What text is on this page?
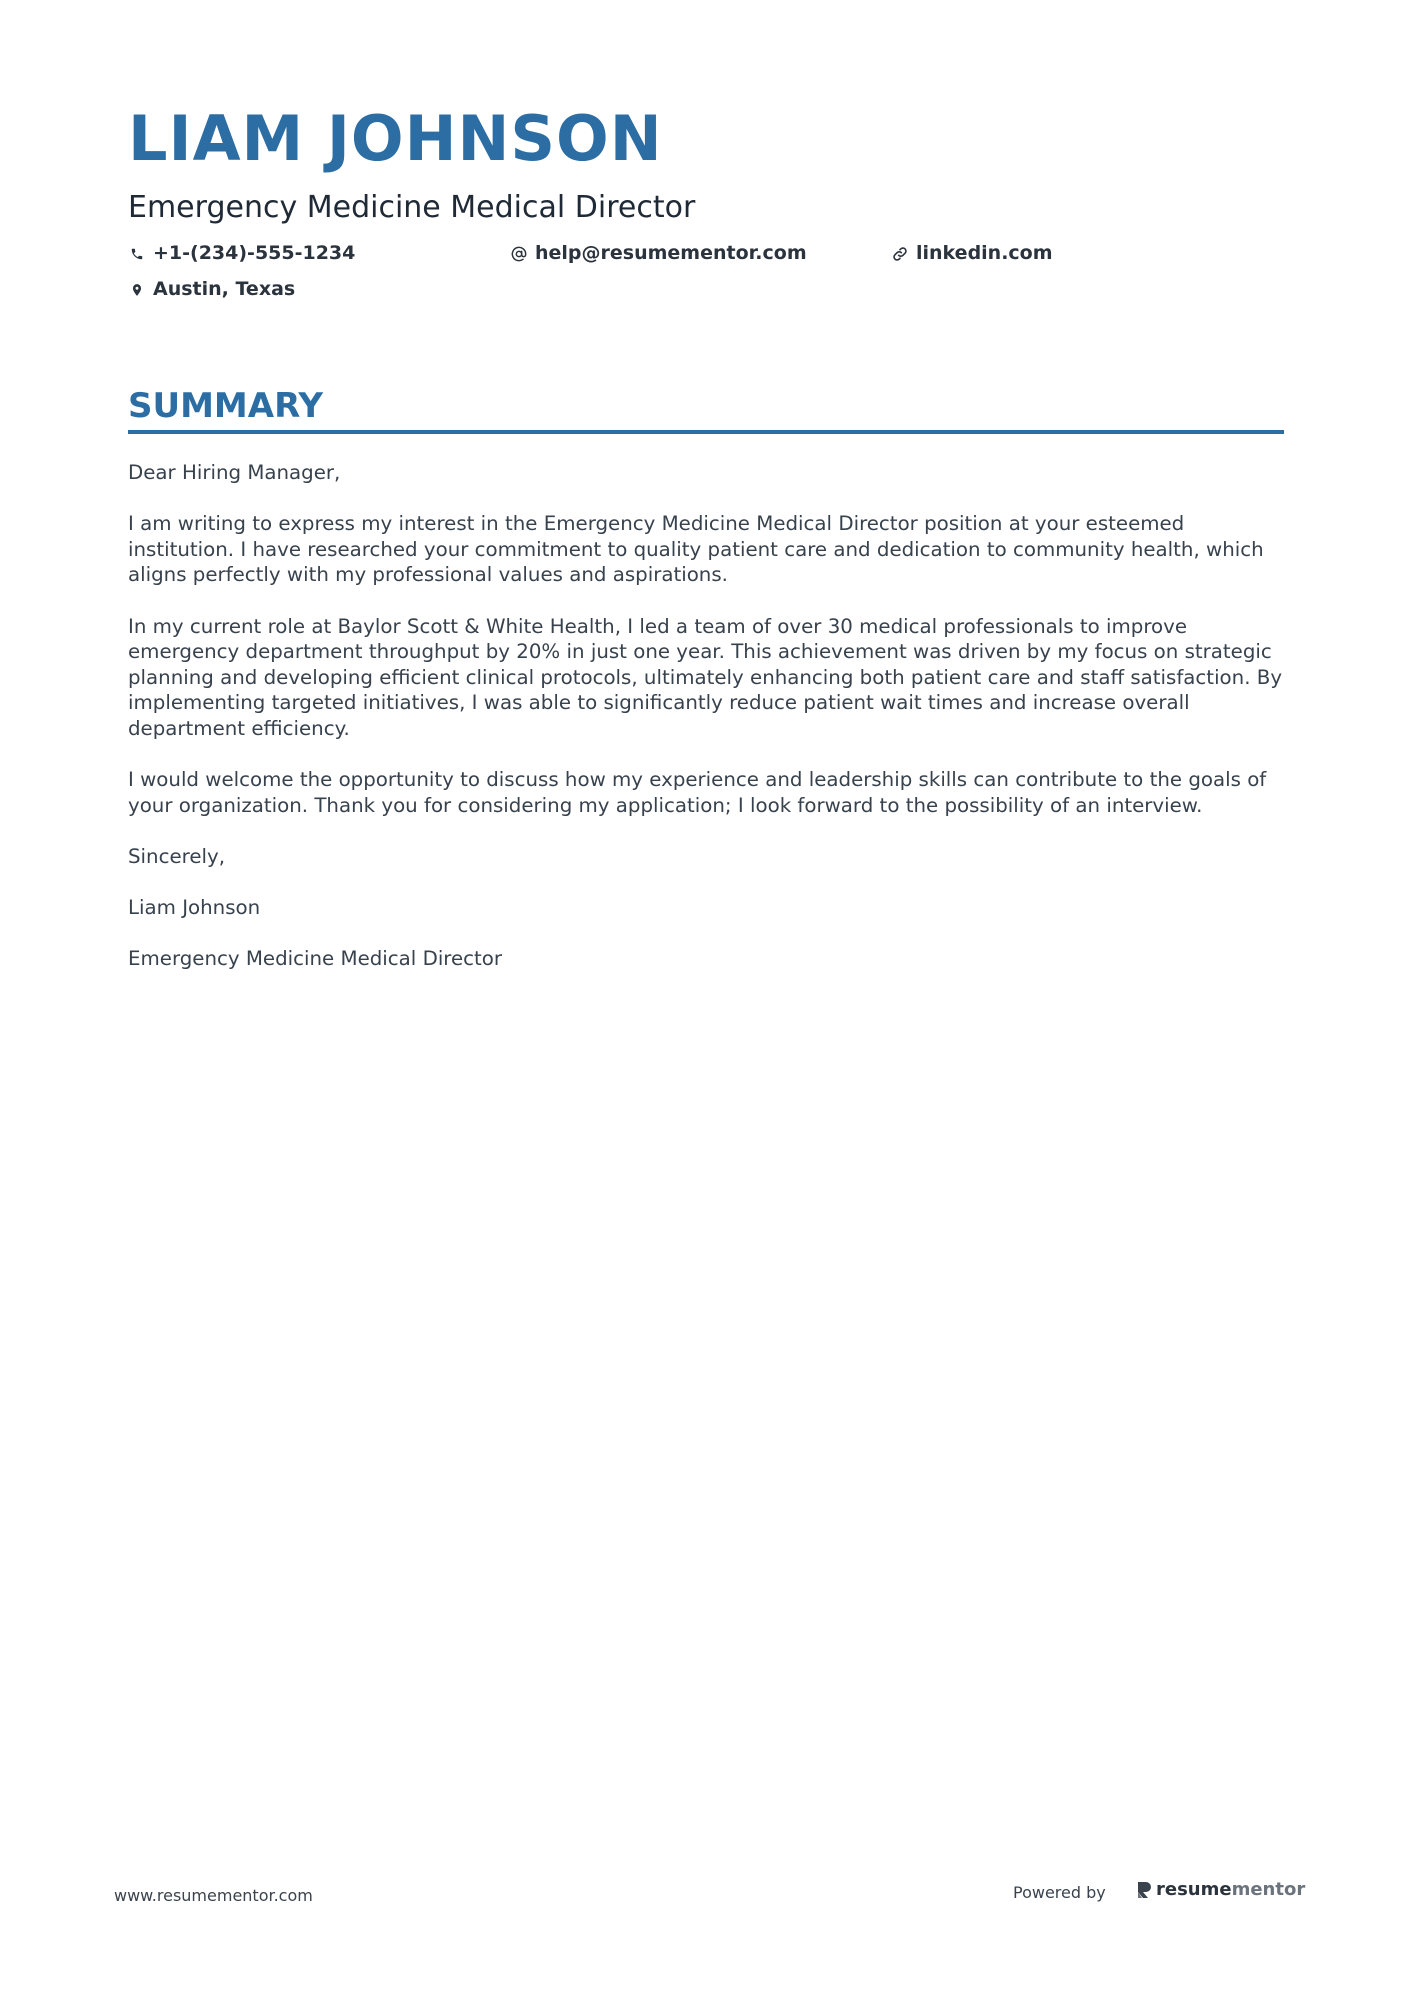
LIAM JOHNSON
Emergency Medicine Medical Director
+1-(234)-555-1234	help@resumementor.com	linkedin.com
Austin, Texas
SUMMARY

Dear Hiring Manager,

I am writing to express my interest in the Emergency Medicine Medical Director position at your esteemed institution. I have researched your commitment to quality patient care and dedication to community health, which aligns perfectly with my professional values and aspirations.

In my current role at Baylor Scott & White Health, I led a team of over 30 medical professionals to improve emergency department throughput by 20% in just one year. This achievement was driven by my focus on strategic planning and developing efficient clinical protocols, ultimately enhancing both patient care and staff satisfaction. By implementing targeted initiatives, I was able to significantly reduce patient wait times and increase overall department efficiency.

I would welcome the opportunity to discuss how my experience and leadership skills can contribute to the goals of your organization. Thank you for considering my application; I look forward to the possibility of an interview.

Sincerely,

Liam Johnson

Emergency Medicine Medical Director

www.resumementor.com	Powered by	resume mentor
